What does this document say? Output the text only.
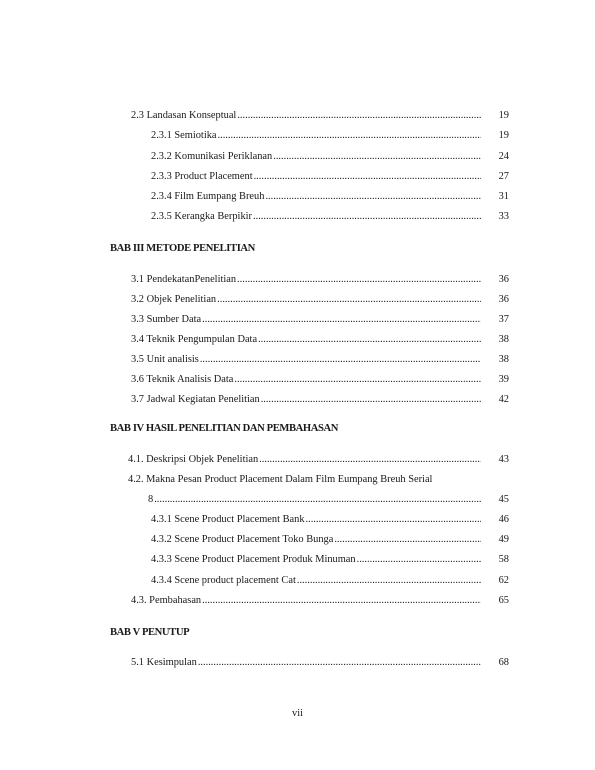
2.3 Landasan Konseptual .....	19
2.3.1 Semiotika .....	19
2.3.2 Komunikasi Periklanan .....	24
2.3.3 Product Placement .....	27
2.3.4 Film Eumpang Breuh .....	31
2.3.5 Kerangka Berpikir .....	33
BAB III METODE PENELITIAN
3.1 PendekatanPenelitian .....	36
3.2 Objek Penelitian .....	36
3.3 Sumber Data .....	37
3.4 Teknik Pengumpulan Data .....	38
3.5 Unit analisis .....	38
3.6 Teknik Analisis Data .....	39
3.7 Jadwal Kegiatan Penelitian .....	42
BAB IV HASIL PENELITIAN DAN PEMBAHASAN
4.1. Deskripsi Objek Penelitian .....	43
4.2. Makna Pesan Product Placement Dalam Film Eumpang Breuh Serial
8 .....	45
4.3.1 Scene Product Placement Bank .....	46
4.3.2 Scene Product Placement Toko Bunga .....	49
4.3.3 Scene Product Placement Produk Minuman .....	58
4.3.4 Scene product placement Cat .....	62
4.3. Pembahasan .....	65
BAB V PENUTUP
5.1 Kesimpulan .....	68
vii
